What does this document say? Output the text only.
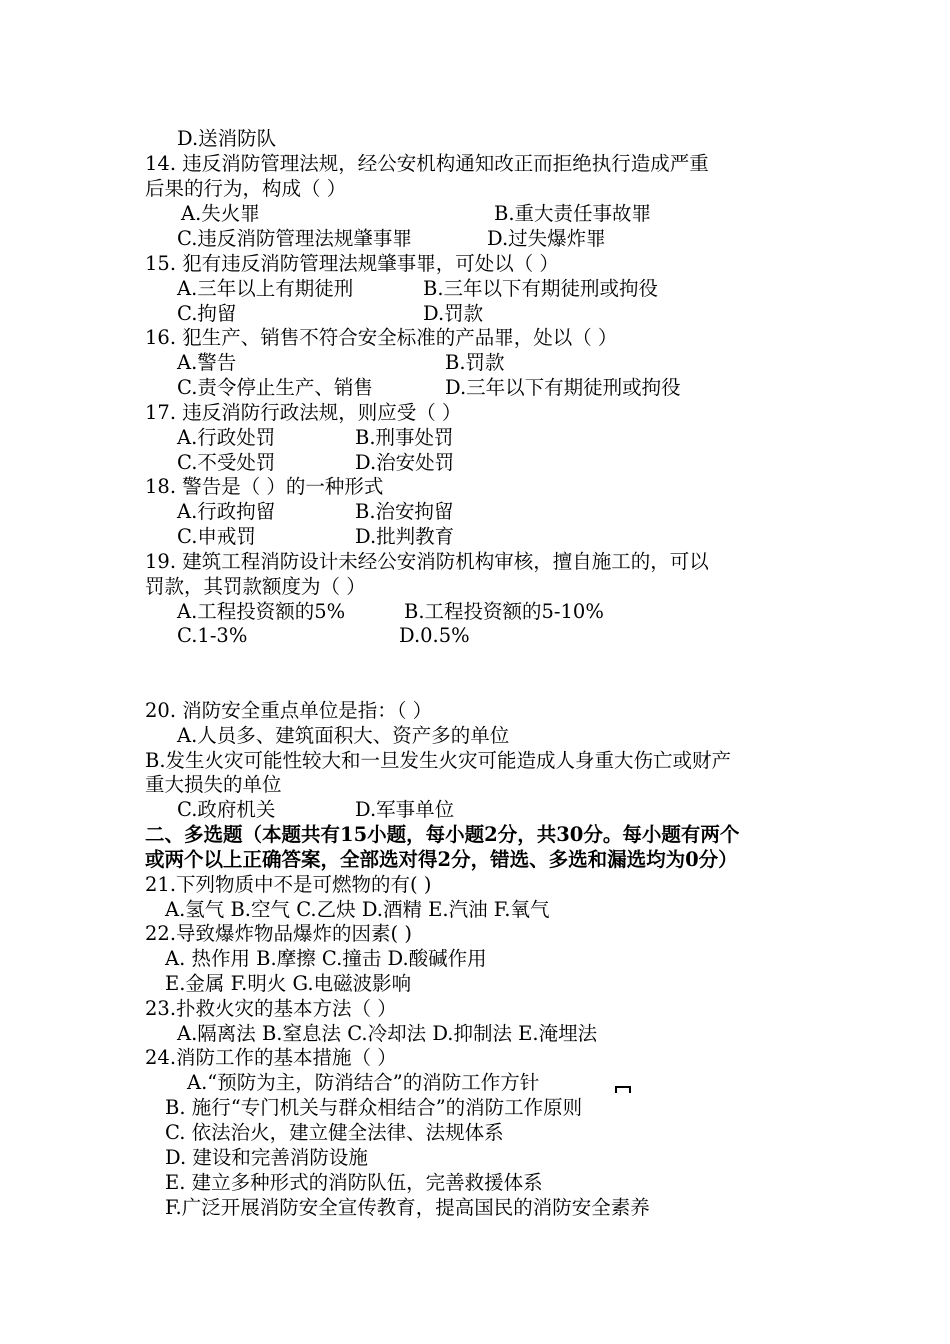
D.送消防队
14. 违反消防管理法规，经公安机构通知改正而拒绝执行造成严重
后果的行为，构成（ ）
A.失火罪	B.重大责任事故罪
C.违反消防管理法规肇事罪	D.过失爆炸罪
15. 犯有违反消防管理法规肇事罪，可处以（ ）
A.三年以上有期徒刑	B.三年以下有期徒刑或拘役
C.拘留	D.罚款
16. 犯生产、销售不符合安全标准的产品罪，处以（ ）
A.警告	B.罚款
C.责令停止生产、销售	D.三年以下有期徒刑或拘役
17. 违反消防行政法规，则应受（ ）
A.行政处罚	B.刑事处罚
C.不受处罚	D.治安处罚
18. 警告是（ ）的一种形式
A.行政拘留	B.治安拘留
C.申戒罚	D.批判教育
19. 建筑工程消防设计未经公安消防机构审核，擅自施工的，可以
罚款，其罚款额度为（ ）
A.工程投资额的5%	B.工程投资额的5-10%
C.1-3%	D.0.5%
20. 消防安全重点单位是指：（ ）
A.人员多、建筑面积大、资产多的单位
B.发生火灾可能性较大和一旦发生火灾可能造成人身重大伤亡或财产
重大损失的单位
C.政府机关	D.军事单位
二、多选题（本题共有15小题，每小题2分，共30分。每小题有两个
或两个以上正确答案，全部选对得2分，错选、多选和漏选均为0分）
21.下列物质中不是可燃物的有( )
A.氢气 B.空气 C.乙炔 D.酒精 E.汽油 F.氧气
22.导致爆炸物品爆炸的因素( )
A. 热作用 B.摩擦 C.撞击 D.酸碱作用
E.金属 F.明火 G.电磁波影响
23.扑救火灾的基本方法（ ）
A.隔离法 B.窒息法 C.冷却法 D.抑制法 E.淹埋法
24.消防工作的基本措施（ ）
A.“预防为主，防消结合”的消防工作方针
B. 施行“专门机关与群众相结合”的消防工作原则
C. 依法治火，建立健全法律、法规体系
D. 建设和完善消防设施
E. 建立多种形式的消防队伍，完善救援体系
F.广泛开展消防安全宣传教育，提高国民的消防安全素养
